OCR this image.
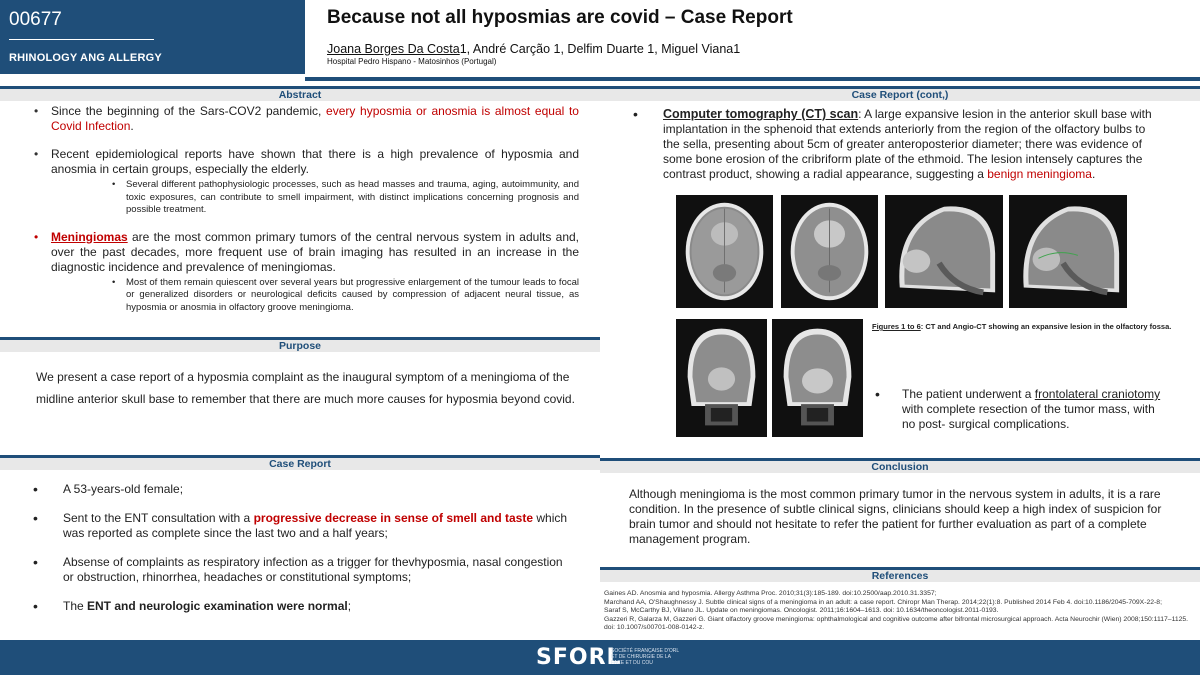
00677
RHINOLOGY ANG ALLERGY
Because not all hyposmias are covid – Case Report
Joana Borges Da Costa1, André Carção 1, Delfim Duarte 1, Miguel Viana1
Hospital Pedro Hispano - Matosinhos (Portugal)
Abstract
• Since the beginning of the Sars-COV2 pandemic, every hyposmia or anosmia is almost equal to Covid Infection.
• Recent epidemiological reports have shown that there is a high prevalence of hyposmia and anosmia in certain groups, especially the elderly.
• Several different pathophysiologic processes, such as head masses and trauma, aging, autoimmunity, and toxic exposures, can contribute to smell impairment, with distinct implications concerning prognosis and possible treatment.
• Meningiomas are the most common primary tumors of the central nervous system in adults and, over the past decades, more frequent use of brain imaging has resulted in an increase in the diagnostic incidence and prevalence of meningiomas.
• Most of them remain quiescent over several years but progressive enlargement of the tumour leads to focal or generalized disorders or neurological deficits caused by compression of adjacent neural tissue, as hyposmia or anosmia in olfactory groove meningioma.
Purpose
We present a case report of a hyposmia complaint as the inaugural symptom of a meningioma of the midline anterior skull base to remember that there are much more causes for hyposmia beyond covid.
Case Report
• A 53-years-old female;
• Sent to the ENT consultation with a progressive decrease in sense of smell and taste which was reported as complete since the last two and a half years;
• Absense of complaints as respiratory infection as a trigger for thevhyposmia, nasal congestion or obstruction, rhinorrhea, headaches or constitutional symptoms;
• The ENT and neurologic examination were normal;
Case Report (cont,)
• Computer tomography (CT) scan: A large expansive lesion in the anterior skull base with implantation in the sphenoid that extends anteriorly from the region of the olfactory bulbs to the sella, presenting about 5cm of greater anteroposterior diameter; there was evidence of some bone erosion of the cribriform plate of the ethmoid. The lesion intensely captures the contrast product, showing a radial appearance, suggesting a benign meningioma.
Figures 1 to 6: CT and Angio-CT showing an expansive lesion in the olfactory fossa.
• The patient underwent a frontolateral craniotomy with complete resection of the tumor mass, with no post- surgical complications.
Conclusion
Although meningioma is the most common primary tumor in the nervous system in adults, it is a rare condition. In the presence of subtle clinical signs, clinicians should keep a high index of suspicion for brain tumor and should not hesitate to refer the patient for further evaluation as part of a complete management program.
References
Gaines AD. Anosmia and hyposmia. Allergy Asthma Proc. 2010;31(3):185-189. doi:10.2500/aap.2010.31.3357;
Marchand AA, O'Shaughnessy J. Subtle clinical signs of a meningioma in an adult: a case report. Chiropr Man Therap. 2014;22(1):8. Published 2014 Feb 4. doi:10.1186/2045-709X-22-8;
Saraf S, McCarthy BJ, Villano JL. Update on meningiomas. Oncologist. 2011;16:1604–1613. doi: 10.1634/theoncologist.2011-0193.
Gazzeri R, Galarza M, Gazzeri G. Giant olfactory groove meningioma: ophthalmological and cognitive outcome after bifrontal microsurgical approach. Acta Neurochir (Wien) 2008;150:1117–1125. doi: 10.1007/s00701-008-0142-z.
SFORL
SOCIÉTÉ FRANÇAISE D'ORL ET DE CHIRURGIE DE LA FACE ET DU COU
